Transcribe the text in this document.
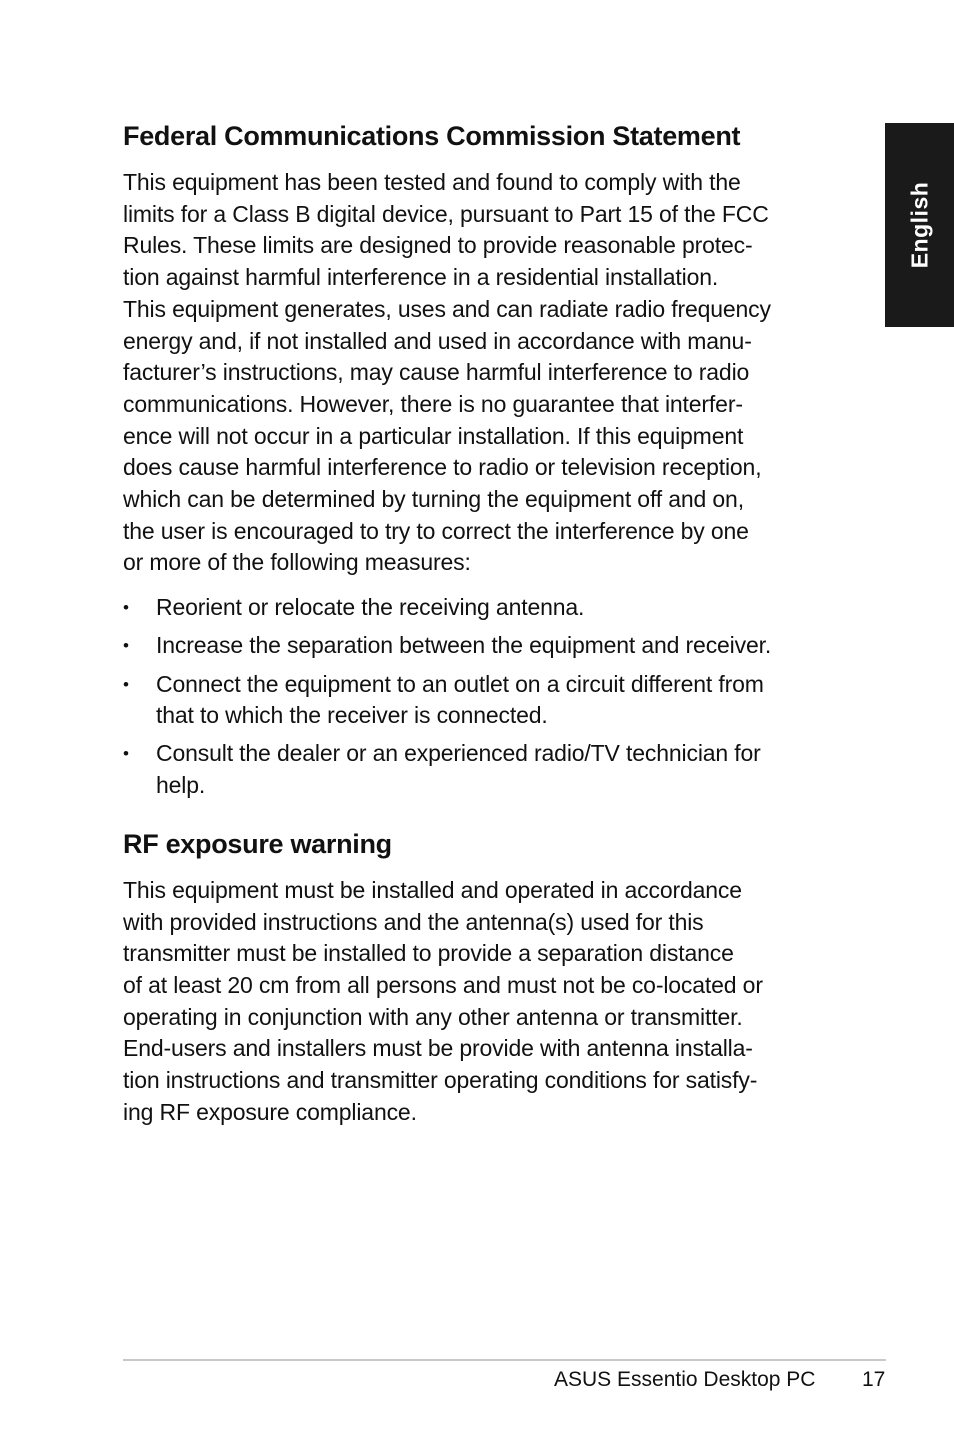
English
Federal Communications Commission Statement

This equipment has been tested and found to comply with the
limits for a Class B digital device, pursuant to Part 15 of the FCC
Rules. These limits are designed to provide reasonable protec-
tion against harmful interference in a residential installation.
This equipment generates, uses and can radiate radio frequency
energy and, if not installed and used in accordance with manu-
facturer’s instructions, may cause harmful interference to radio
communications. However, there is no guarantee that interfer-
ence will not occur in a particular installation. If this equipment
does cause harmful interference to radio or television reception,
which can be determined by turning the equipment off and on,
the user is encouraged to try to correct the interference by one
or more of the following measures:

• Reorient or relocate the receiving antenna.
• Increase the separation between the equipment and receiver.
• Connect the equipment to an outlet on a circuit different from
that to which the receiver is connected.
• Consult the dealer or an experienced radio/TV technician for
help.
RF exposure warning

This equipment must be installed and operated in accordance
with provided instructions and the antenna(s) used for this
transmitter must be installed to provide a separation distance
of at least 20 cm from all persons and must not be co-located or
operating in conjunction with any other antenna or transmitter.
End-users and installers must be provide with antenna installa-
tion instructions and transmitter operating conditions for satisfy-
ing RF exposure compliance.

ASUS Essentio Desktop PC 17
